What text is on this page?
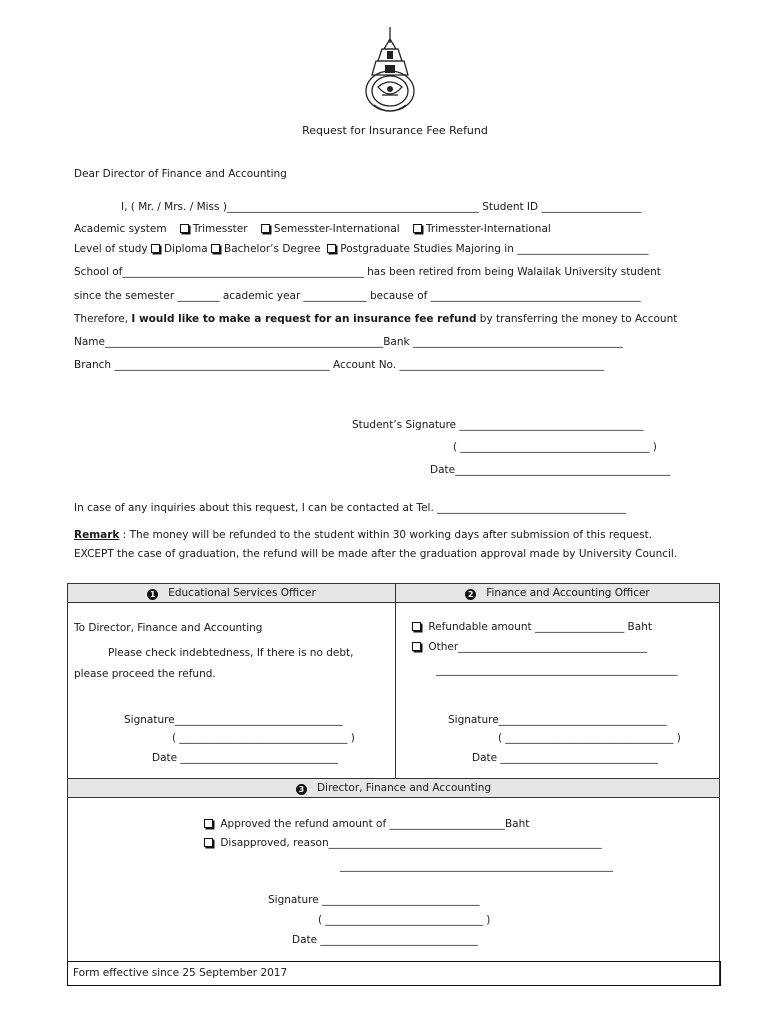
Request for Insurance Fee Refund
Dear Director of Finance and Accounting
I, ( Mr. / Mrs. / Miss )________________________________________________ Student ID ___________________
Academic system	Trimesster	Semesster-International	Trimesster-International
Level of study Diploma Bachelor’s Degree Postgraduate Studies Majoring in _________________________
School of______________________________________________ has been retired from being Walailak University student
since the semester ________ academic year ____________ because of ________________________________________
Therefore, I would like to make a request for an insurance fee refund by transferring the money to Account
Name_____________________________________________________Bank ________________________________________
Branch _________________________________________ Account No. _______________________________________
Student’s Signature ___________________________________
( ____________________________________ )
Date_________________________________________
In case of any inquiries about this request, I can be contacted at Tel. ____________________________________
Remark : The money will be refunded to the student within 30 working days after submission of this request.
EXCEPT the case of graduation, the refund will be made after the graduation approval made by University Council.
1 Educational Services Officer	2 Finance and Accounting Officer
To Director, Finance and Accounting
Please check indebtedness, If there is no debt,
please proceed the refund.
Signature________________________________
( ________________________________ )
Date ______________________________
Refundable amount _________________ Baht
Other____________________________________
______________________________________________
Signature________________________________
( ________________________________ )
Date ______________________________
3 Director, Finance and Accounting
Approved the refund amount of ______________________Baht
Disapproved, reason____________________________________________________
____________________________________________________
Signature ______________________________
( ______________________________ )
Date ______________________________
Form effective since 25 September 2017
